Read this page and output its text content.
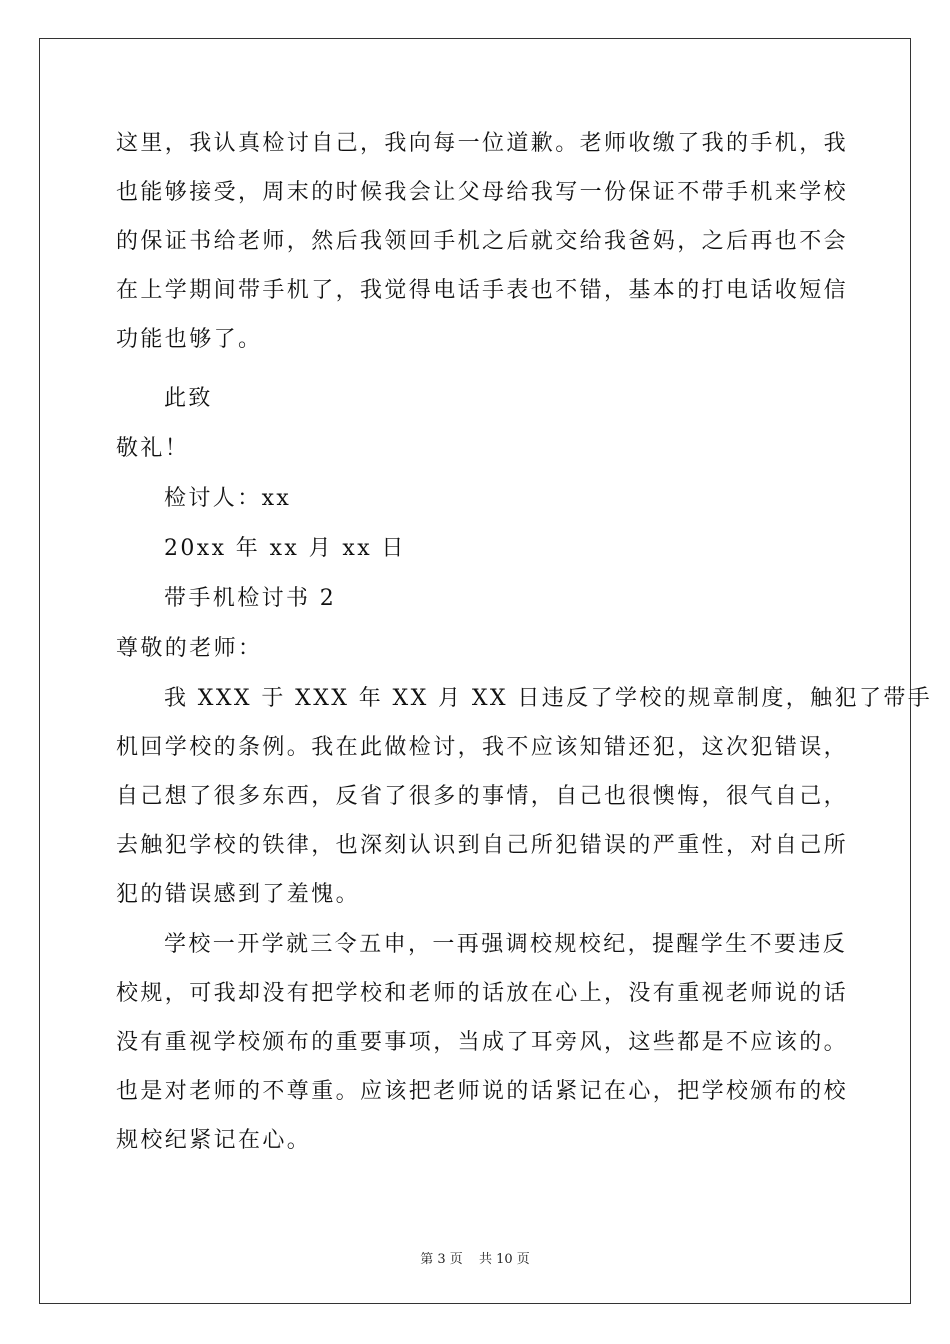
这里，我认真检讨自己，我向每一位道歉。老师收缴了我的手机，我
也能够接受，周末的时候我会让父母给我写一份保证不带手机来学校
的保证书给老师，然后我领回手机之后就交给我爸妈，之后再也不会
在上学期间带手机了，我觉得电话手表也不错，基本的打电话收短信
功能也够了。
此致
敬礼！
检讨人：xx
20xx 年 xx 月 xx 日
带手机检讨书 2
尊敬的老师：
我 XXX 于 XXX 年 XX 月 XX 日违反了学校的规章制度，触犯了带手
机回学校的条例。我在此做检讨，我不应该知错还犯，这次犯错误，
自己想了很多东西，反省了很多的事情，自己也很懊悔，很气自己，
去触犯学校的铁律，也深刻认识到自己所犯错误的严重性，对自己所
犯的错误感到了羞愧。
学校一开学就三令五申，一再强调校规校纪，提醒学生不要违反
校规，可我却没有把学校和老师的话放在心上，没有重视老师说的话
没有重视学校颁布的重要事项，当成了耳旁风，这些都是不应该的。
也是对老师的不尊重。应该把老师说的话紧记在心，把学校颁布的校
规校纪紧记在心。
第 3 页 共 10 页
